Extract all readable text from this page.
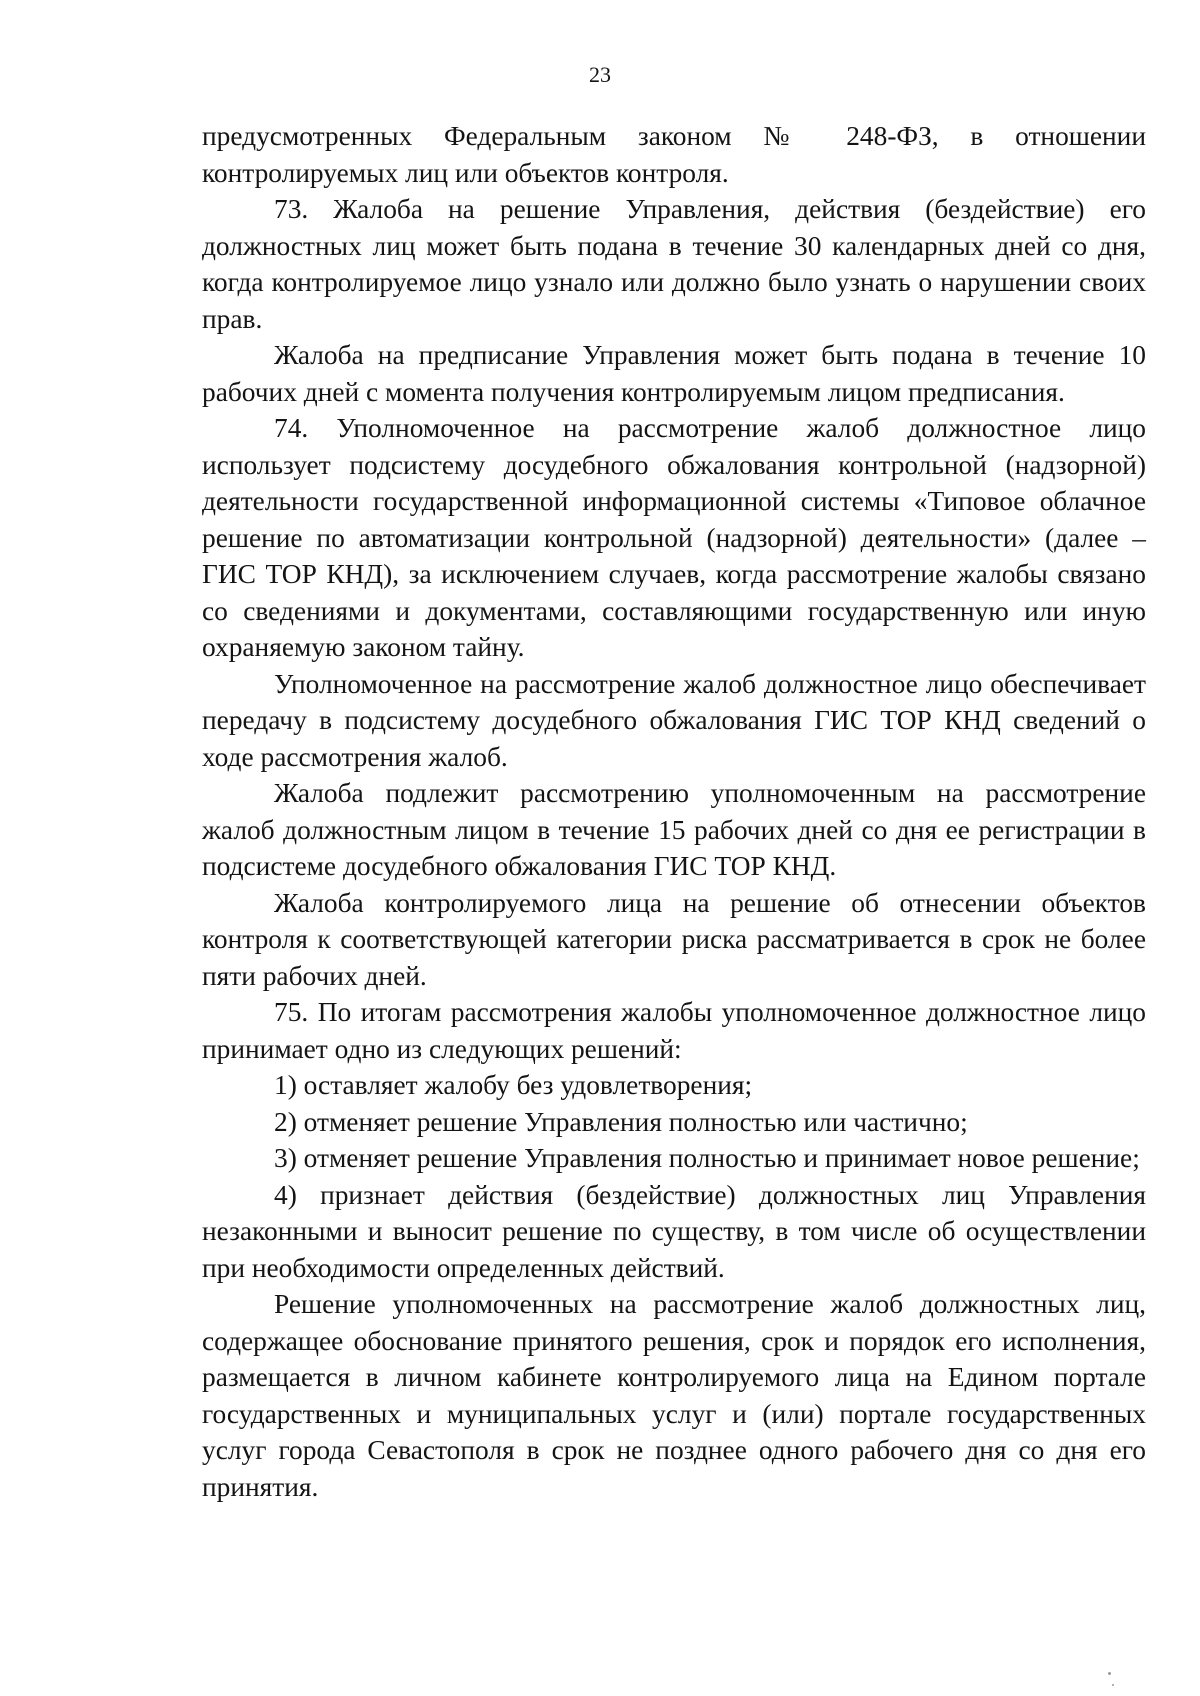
23

предусмотренных Федеральным законом № 248-ФЗ, в отношении контролируемых лиц или объектов контроля.

73. Жалоба на решение Управления, действия (бездействие) его должностных лиц может быть подана в течение 30 календарных дней со дня, когда контролируемое лицо узнало или должно было узнать о нарушении своих прав.

Жалоба на предписание Управления может быть подана в течение 10 рабочих дней с момента получения контролируемым лицом предписания.

74. Уполномоченное на рассмотрение жалоб должностное лицо использует подсистему досудебного обжалования контрольной (надзорной) деятельности государственной информационной системы «Типовое облачное решение по автоматизации контрольной (надзорной) деятельности» (далее – ГИС ТОР КНД), за исключением случаев, когда рассмотрение жалобы связано со сведениями и документами, составляющими государственную или иную охраняемую законом тайну.

Уполномоченное на рассмотрение жалоб должностное лицо обеспечивает передачу в подсистему досудебного обжалования ГИС ТОР КНД сведений о ходе рассмотрения жалоб.

Жалоба подлежит рассмотрению уполномоченным на рассмотрение жалоб должностным лицом в течение 15 рабочих дней со дня ее регистрации в подсистеме досудебного обжалования ГИС ТОР КНД.

Жалоба контролируемого лица на решение об отнесении объектов контроля к соответствующей категории риска рассматривается в срок не более пяти рабочих дней.

75. По итогам рассмотрения жалобы уполномоченное должностное лицо принимает одно из следующих решений:

1) оставляет жалобу без удовлетворения;

2) отменяет решение Управления полностью или частично;

3) отменяет решение Управления полностью и принимает новое решение;

4) признает действия (бездействие) должностных лиц Управления незаконными и выносит решение по существу, в том числе об осуществлении при необходимости определенных действий.

Решение уполномоченных на рассмотрение жалоб должностных лиц, содержащее обоснование принятого решения, срок и порядок его исполнения, размещается в личном кабинете контролируемого лица на Едином портале государственных и муниципальных услуг и (или) портале государственных услуг города Севастополя в срок не позднее одного рабочего дня со дня его принятия.
